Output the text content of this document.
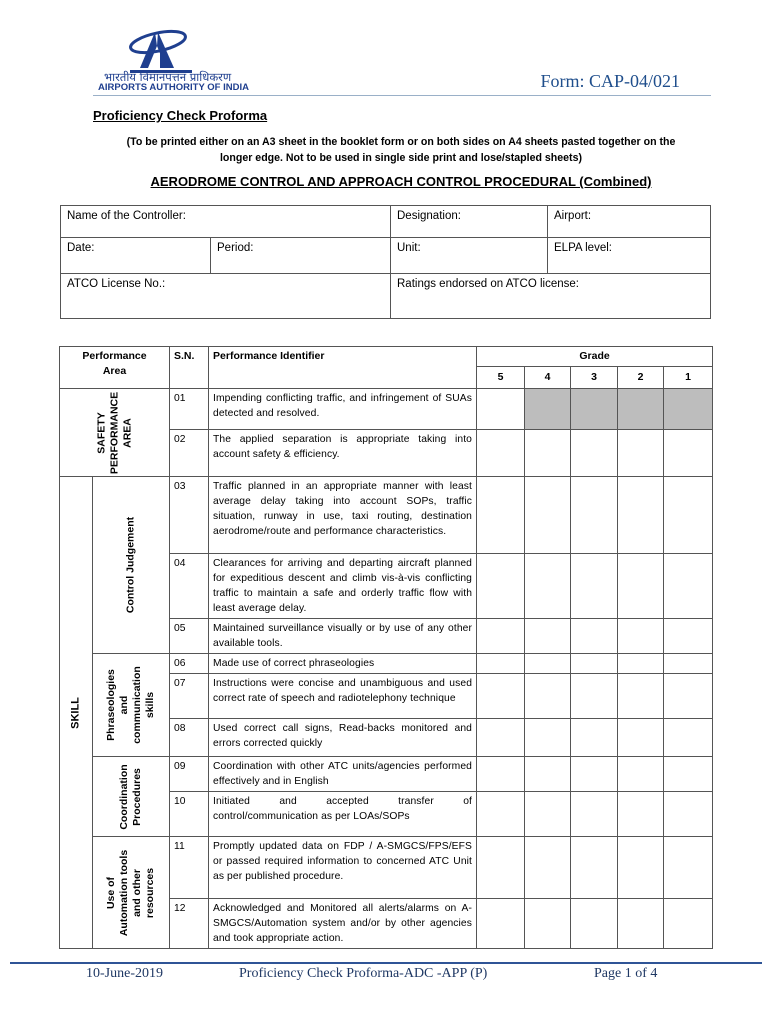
भारतीय विमानपत्तन प्राधिकरण
AIRPORTS AUTHORITY OF INDIA	Form: CAP-04/021
Proficiency Check Proforma
(To be printed either on an A3 sheet in the booklet form or on both sides on A4 sheets pasted together on the
longer edge. Not to be used in single side print and lose/stapled sheets)
AERODROME CONTROL AND APPROACH CONTROL PROCEDURAL (Combined)
Name of the Controller:	Designation:	Airport:
Date:	Period:	Unit:	ELPA level:
ATCO License No.:	Ratings endorsed on ATCO license:
Performance
Area		S.N.	Performance Identifier	Grade				
				5	4	3	2	1

SAFETY PERFORMANCE AREA		01	Impending conflicting traffic, and infringement of SUAs detected and resolved.					
		02	The applied separation is appropriate taking into account safety & efficiency.					

SKILL	Control Judgement	03	Traffic planned in an appropriate manner with least average delay taking into account SOPs, traffic situation, runway in use, taxi routing, destination aerodrome/route and performance characteristics.					
		04	Clearances for arriving and departing aircraft planned for expeditious descent and climb vis-à-vis conflicting traffic to maintain a safe and orderly traffic flow with least average delay.					
		05	Maintained surveillance visually or by use of any other available tools.					

	Phraseologies and communication skills	06	Made use of correct phraseologies					
		07	Instructions were concise and unambiguous and used correct rate of speech and radiotelephony technique					
		08	Used correct call signs, Read-backs monitored and errors corrected quickly					

	Coordination Procedures	09	Coordination with other ATC units/agencies performed effectively and in English					
		10	Initiated and accepted transfer of control/communication as per LOAs/SOPs					

	Use of Automation tools and other resources	11	Promptly updated data on FDP / A-SMGCS/FPS/EFS or passed required information to concerned ATC Unit as per published procedure.					
		12	Acknowledged and Monitored all alerts/alarms on A-SMGCS/Automation system and/or by other agencies and took appropriate action.					
10-June-2019	Proficiency Check Proforma-ADC -APP (P)	Page 1 of 4
